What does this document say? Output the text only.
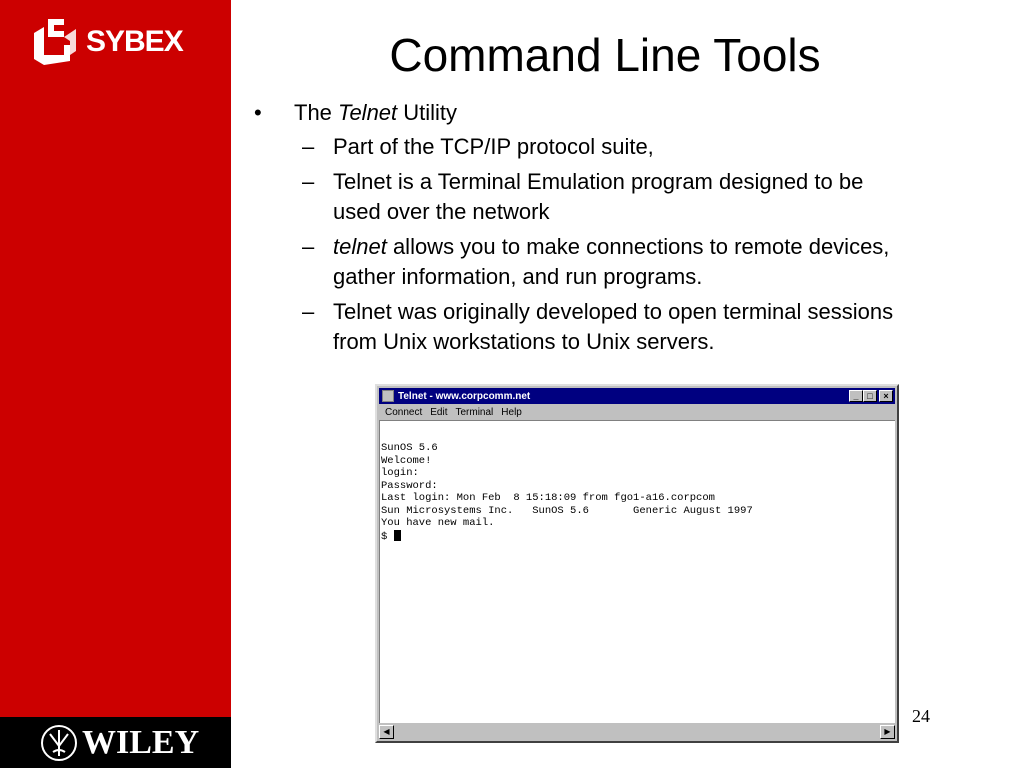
SYBEX
WILEY
Command Line Tools
•	The Telnet Utility
– Part of the TCP/IP protocol suite,
– Telnet is a Terminal Emulation program designed to be used over the network
– telnet allows you to make connections to remote devices, gather information, and run programs.
– Telnet was originally developed to open terminal sessions from Unix workstations to Unix servers.
Telnet - www.corpcomm.net	_ □	×
Connect Edit Terminal Help
SunOS 5.6
Welcome!
login:
Password:
Last login: Mon Feb  8 15:18:09 from fgo1-a16.corpcom
Sun Microsystems Inc.   SunOS 5.6       Generic August 1997
You have new mail.
$
◀	▶
24
